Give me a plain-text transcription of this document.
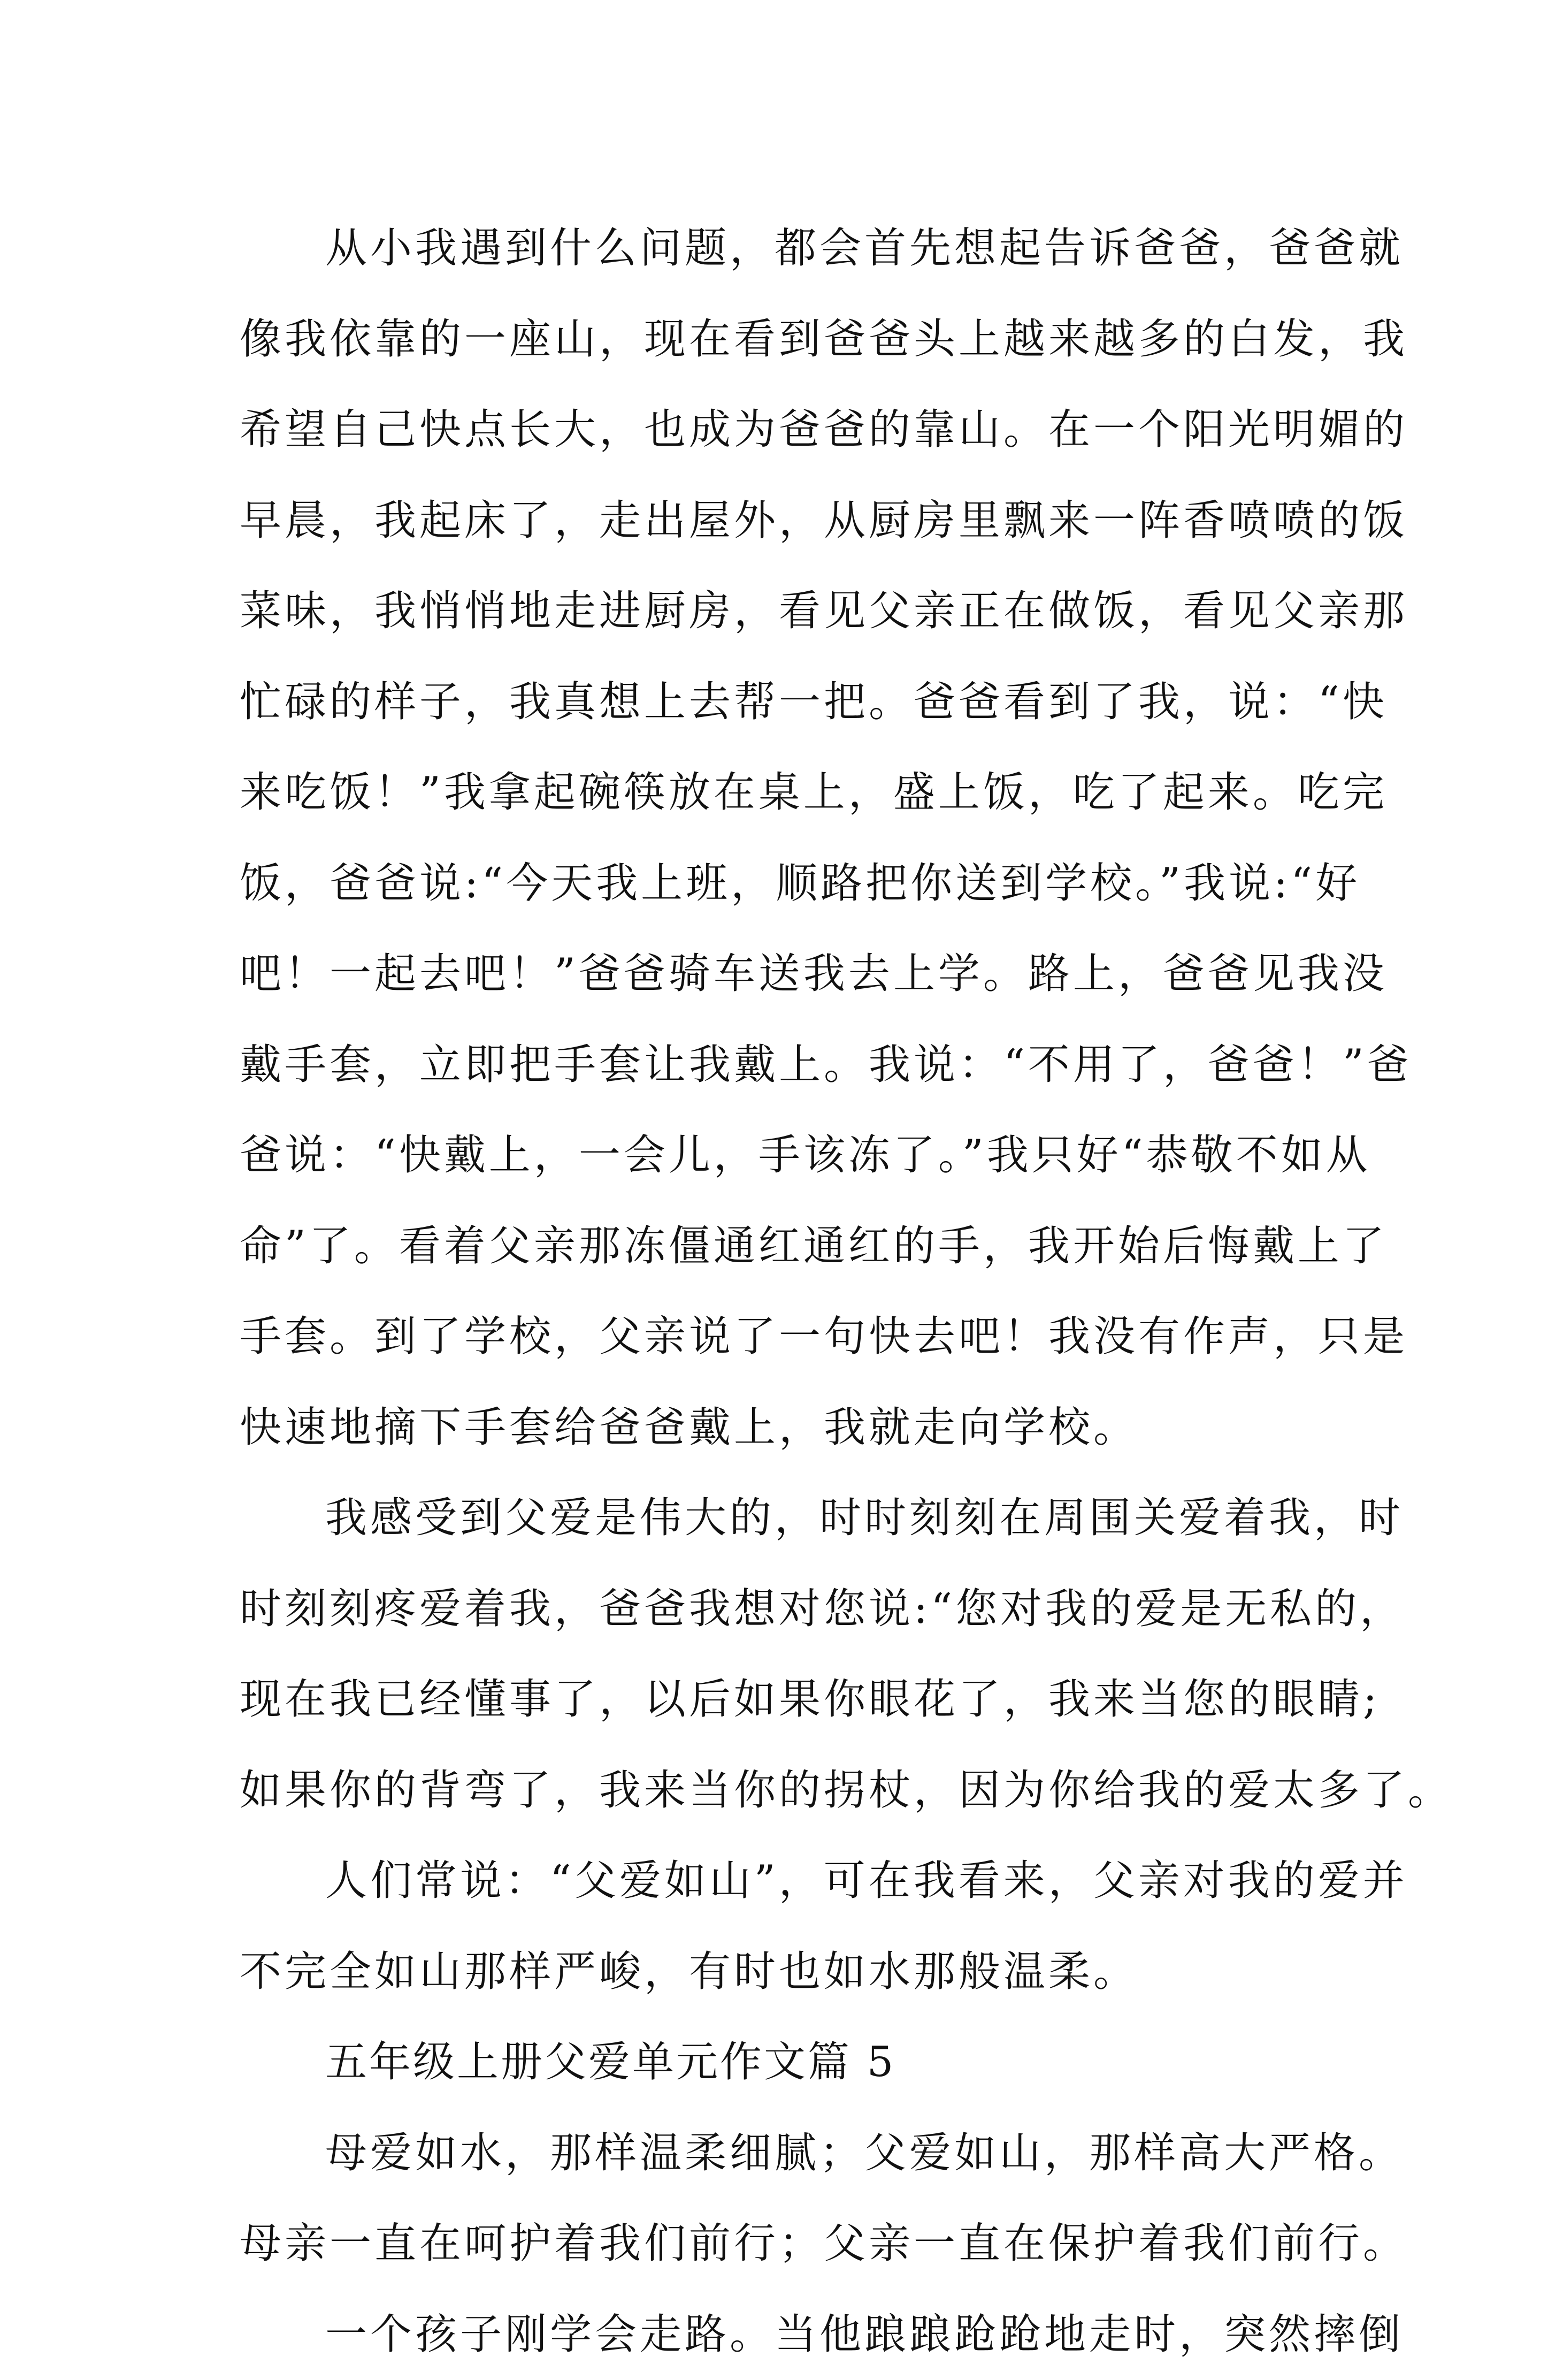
从小我遇到什么问题，都会首先想起告诉爸爸，爸爸就
像我依靠的一座山，现在看到爸爸头上越来越多的白发，我
希望自己快点长大，也成为爸爸的靠山。在一个阳光明媚的
早晨，我起床了，走出屋外，从厨房里飘来一阵香喷喷的饭
菜味，我悄悄地走进厨房，看见父亲正在做饭，看见父亲那
忙碌的样子，我真想上去帮一把。爸爸看到了我，说：“快
来吃饭！”我拿起碗筷放在桌上，盛上饭，吃了起来。吃完
饭，爸爸说:“今天我上班，顺路把你送到学校。”我说:“好
吧！一起去吧！”爸爸骑车送我去上学。路上，爸爸见我没
戴手套，立即把手套让我戴上。我说：“不用了，爸爸！”爸
爸说：“快戴上，一会儿，手该冻了。”我只好“恭敬不如从
命”了。看着父亲那冻僵通红通红的手，我开始后悔戴上了
手套。到了学校，父亲说了一句快去吧！我没有作声，只是
快速地摘下手套给爸爸戴上，我就走向学校。
我感受到父爱是伟大的，时时刻刻在周围关爱着我，时
时刻刻疼爱着我，爸爸我想对您说:“您对我的爱是无私的，
现在我已经懂事了，以后如果你眼花了，我来当您的眼睛;
如果你的背弯了，我来当你的拐杖，因为你给我的爱太多了。
人们常说：“父爱如山”，可在我看来，父亲对我的爱并
不完全如山那样严峻，有时也如水那般温柔。
五年级上册父爱单元作文篇 5
母爱如水，那样温柔细腻；父爱如山，那样高大严格。
母亲一直在呵护着我们前行；父亲一直在保护着我们前行。
一个孩子刚学会走路。当他踉踉跄跄地走时，突然摔倒
